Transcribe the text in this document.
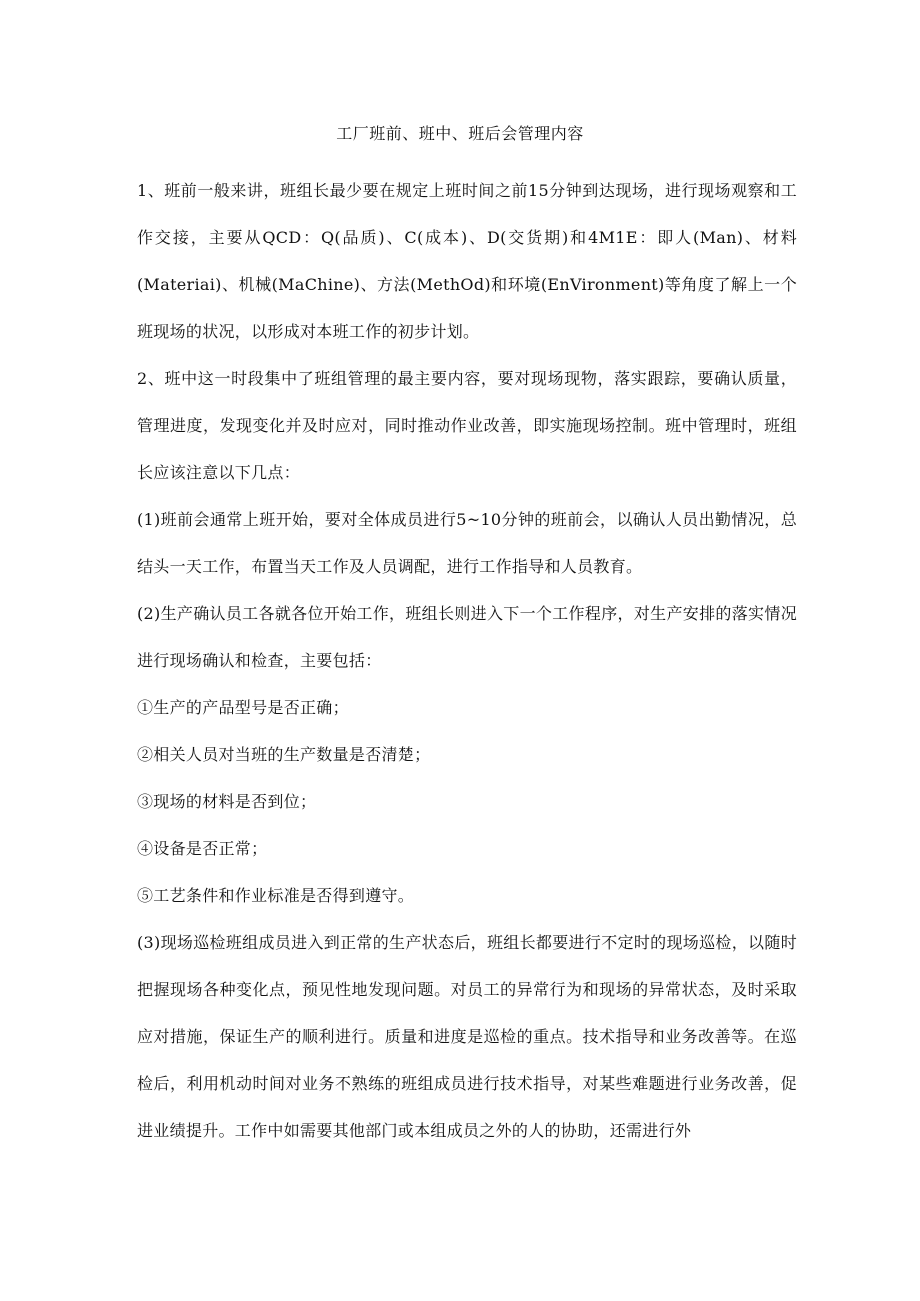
工厂班前、班中、班后会管理内容

1、班前一般来讲，班组长最少要在规定上班时间之前15分钟到达现场，进行现场观察和工作交接，主要从QCD：Q(品质)、C(成本)、D(交货期)和4M1E：即人(Man)、材料(Materiai)、机械(MaChine)、方法(MethOd)和环境(EnVironment)等角度了解上一个班现场的状况，以形成对本班工作的初步计划。

2、班中这一时段集中了班组管理的最主要内容，要对现场现物，落实跟踪，要确认质量，管理进度，发现变化并及时应对，同时推动作业改善，即实施现场控制。班中管理时，班组长应该注意以下几点：

(1)班前会通常上班开始，要对全体成员进行5~10分钟的班前会，以确认人员出勤情况，总结头一天工作，布置当天工作及人员调配，进行工作指导和人员教育。

(2)生产确认员工各就各位开始工作，班组长则进入下一个工作程序，对生产安排的落实情况进行现场确认和检查，主要包括：

①生产的产品型号是否正确；

②相关人员对当班的生产数量是否清楚；

③现场的材料是否到位；

④设备是否正常；

⑤工艺条件和作业标准是否得到遵守。

(3)现场巡检班组成员进入到正常的生产状态后，班组长都要进行不定时的现场巡检，以随时把握现场各种变化点，预见性地发现问题。对员工的异常行为和现场的异常状态，及时采取应对措施，保证生产的顺利进行。质量和进度是巡检的重点。技术指导和业务改善等。在巡检后，利用机动时间对业务不熟练的班组成员进行技术指导，对某些难题进行业务改善，促进业绩提升。工作中如需要其他部门或本组成员之外的人的协助，还需进行外
